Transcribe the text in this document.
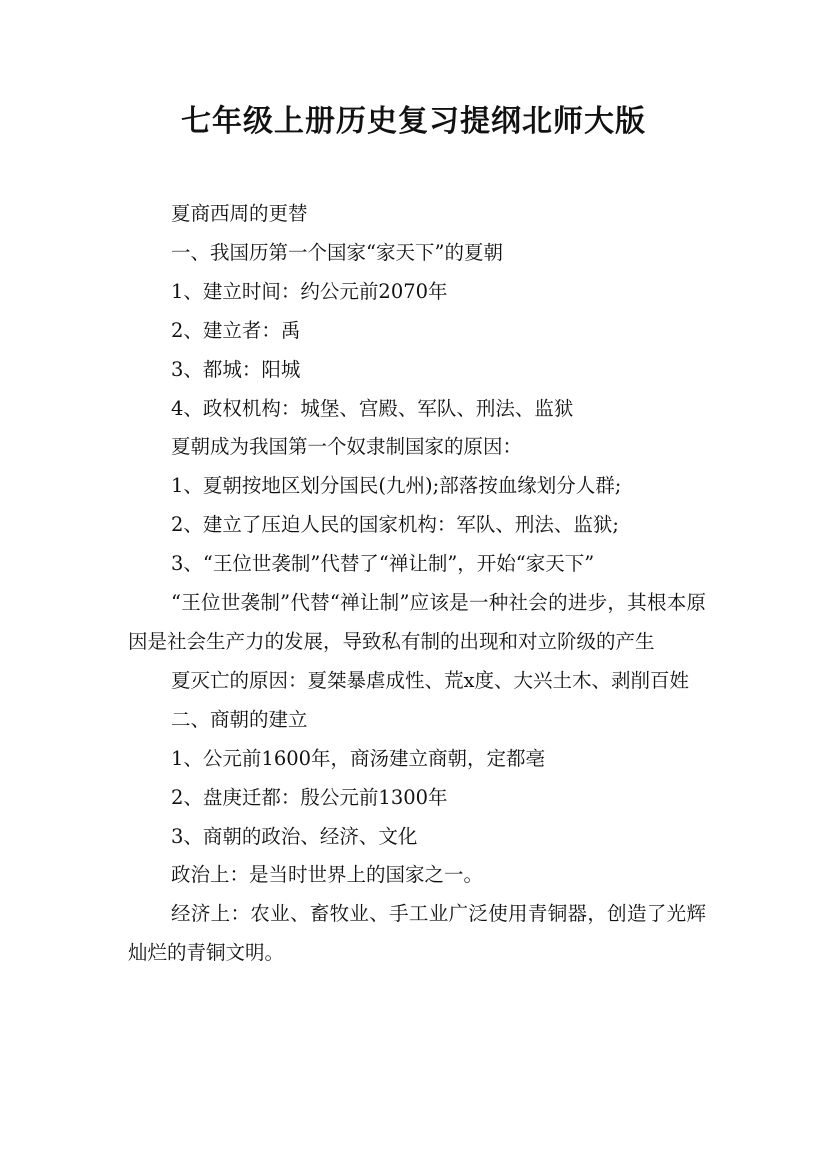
七年级上册历史复习提纲北师大版

夏商西周的更替

一、我国历第一个国家“家天下”的夏朝

1、建立时间：约公元前2070年

2、建立者：禹

3、都城：阳城

4、政权机构：城堡、宫殿、军队、刑法、监狱

夏朝成为我国第一个奴隶制国家的原因：

1、夏朝按地区划分国民(九州);部落按血缘划分人群;

2、建立了压迫人民的国家机构：军队、刑法、监狱;

3、“王位世袭制”代替了“禅让制”，开始“家天下”

“王位世袭制”代替“禅让制”应该是一种社会的进步，其根本原因是社会生产力的发展，导致私有制的出现和对立阶级的产生

夏灭亡的原因：夏桀暴虐成性、荒x度、大兴土木、剥削百姓

二、商朝的建立

1、公元前1600年，商汤建立商朝，定都亳

2、盘庚迁都：殷公元前1300年

3、商朝的政治、经济、文化

政治上：是当时世界上的国家之一。

经济上：农业、畜牧业、手工业广泛使用青铜器，创造了光辉灿烂的青铜文明。
